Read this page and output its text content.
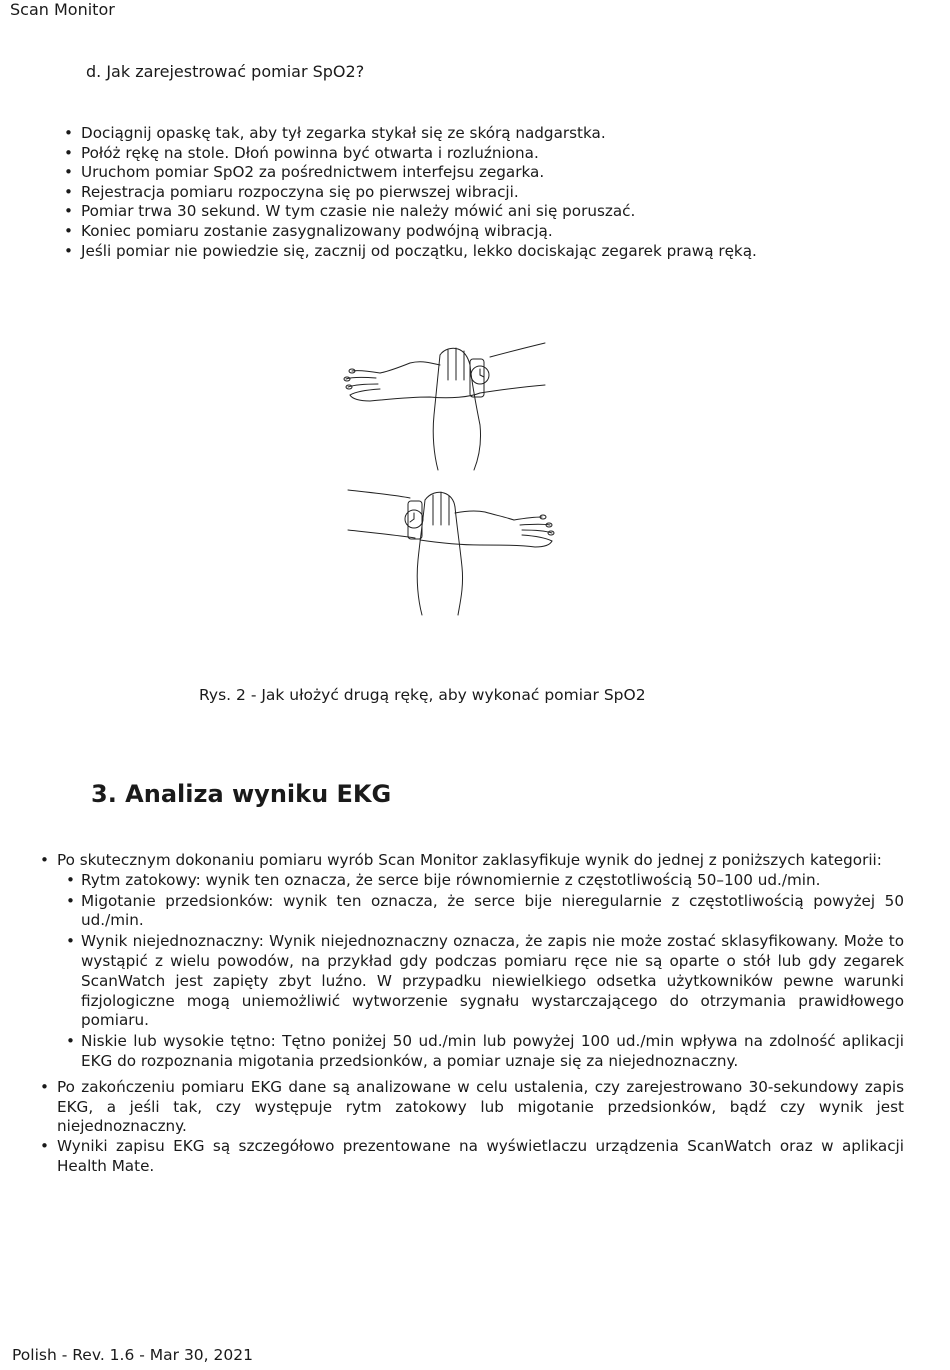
Scan Monitor
d. Jak zarejestrować pomiar SpO2?
• Dociągnij opaskę tak, aby tył zegarka stykał się ze skórą nadgarstka.
• Połóż rękę na stole. Dłoń powinna być otwarta i rozluźniona.
• Uruchom pomiar SpO2 za pośrednictwem interfejsu zegarka.
• Rejestracja pomiaru rozpoczyna się po pierwszej wibracji.
• Pomiar trwa 30 sekund. W tym czasie nie należy mówić ani się poruszać.
• Koniec pomiaru zostanie zasygnalizowany podwójną wibracją.
• Jeśli pomiar nie powiedzie się, zacznij od początku, lekko dociskając zegarek prawą ręką.
Rys. 2 - Jak ułożyć drugą rękę, aby wykonać pomiar SpO2
3. Analiza wyniku EKG
• Po skutecznym dokonaniu pomiaru wyrób Scan Monitor zaklasyfikuje wynik do jednej z poniższych kategorii:
• Rytm zatokowy: wynik ten oznacza, że serce bije równomiernie z częstotliwością 50–100 ud./min.
• Migotanie przedsionków: wynik ten oznacza, że serce bije nieregularnie z częstotliwością powyżej 50 ud./min.
• Wynik niejednoznaczny: Wynik niejednoznaczny oznacza, że zapis nie może zostać sklasyfikowany. Może to wystąpić z wielu powodów, na przykład gdy podczas pomiaru ręce nie są oparte o stół lub gdy zegarek ScanWatch jest zapięty zbyt luźno. W przypadku niewielkiego odsetka użytkowników pewne warunki fizjologiczne mogą uniemożliwić wytworzenie sygnału wystarczającego do otrzymania prawidłowego pomiaru.
• Niskie lub wysokie tętno: Tętno poniżej 50 ud./min lub powyżej 100 ud./min wpływa na zdolność aplikacji EKG do rozpoznania migotania przedsionków, a pomiar uznaje się za niejednoznaczny.
• Po zakończeniu pomiaru EKG dane są analizowane w celu ustalenia, czy zarejestrowano 30-sekundowy zapis EKG, a jeśli tak, czy występuje rytm zatokowy lub migotanie przedsionków, bądź czy wynik jest niejednoznaczny.
• Wyniki zapisu EKG są szczegółowo prezentowane na wyświetlaczu urządzenia ScanWatch oraz w aplikacji Health Mate.
Polish - Rev. 1.6 - Mar 30, 2021
